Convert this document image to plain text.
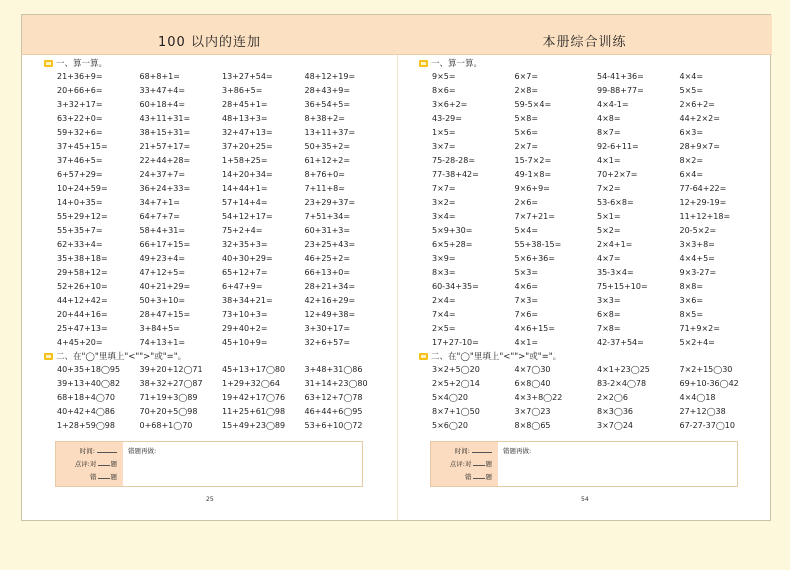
100 以内的连加
一、算一算。
21+36+9=	68+8+1=	13+27+54=	48+12+19=
20+66+6=	33+47+4=	3+86+5=	28+43+9=
3+32+17=	60+18+4=	28+45+1=	36+54+5=
63+22+0=	43+11+31=	48+13+3=	8+38+2=
59+32+6=	38+15+31=	32+47+13=	13+11+37=
37+45+15=	21+57+17=	37+20+25=	50+35+2=
37+46+5=	22+44+28=	1+58+25=	61+12+2=
6+57+29=	24+37+7=	14+20+34=	8+76+0=
10+24+59=	36+24+33=	14+44+1=	7+11+8=
14+0+35=	34+7+1=	57+14+4=	23+29+37=
55+29+12=	64+7+7=	54+12+17=	7+51+34=
55+35+7=	58+4+31=	75+2+4=	60+31+3=
62+33+4=	66+17+15=	32+35+3=	23+25+43=
35+38+18=	49+23+4=	40+30+29=	46+25+2=
29+58+12=	47+12+5=	65+12+7=	66+13+0=
52+26+10=	40+21+29=	6+47+9=	28+21+34=
44+12+42=	50+3+10=	38+34+21=	42+16+29=
20+44+16=	28+47+15=	73+10+3=	12+49+38=
25+47+13=	3+84+5=	29+40+2=	3+30+17=
4+45+20=	74+13+1=	45+10+9=	32+6+57=
二、在"◯"里填上"<"">"或"="。
40+35+18◯95	39+20+12◯71	45+13+17◯80	3+48+31◯86
39+13+40◯82	38+32+27◯87	1+29+32◯64	31+14+23◯80
68+18+4◯70	71+19+3◯89	19+42+17◯76	63+12+7◯78
40+42+4◯86	70+20+5◯98	11+25+61◯98	46+44+6◯95
1+28+59◯98	0+68+1◯70	15+49+23◯89	53+6+10◯72
时间:
点评:对 题
错 题
错题再做:
25
本册综合训练
一、算一算。
9×5=	6×7=	54-41+36=	4×4=
8×6=	2×8=	99-88+77=	5×5=
3×6+2=	59-5×4=	4×4-1=	2×6+2=
43-29=	5×8=	4×8=	44+2×2=
1×5=	5×6=	8×7=	6×3=
3×7=	2×7=	92-6+11=	28+9×7=
75-28-28=	15-7×2=	4×1=	8×2=
77-38+42=	49-1×8=	70+2×7=	6×4=
7×7=	9×6+9=	7×2=	77-64+22=
3×2=	2×6=	53-6×8=	12+29-19=
3×4=	7×7+21=	5×1=	11+12+18=
5×9+30=	5×4=	5×2=	20-5×2=
6×5+28=	55+38-15=	2×4+1=	3×3+8=
3×9=	5×6+36=	4×7=	4×4+5=
8×3=	5×3=	35-3×4=	9×3-27=
60-34+35=	4×6=	75+15+10=	8×8=
2×4=	7×3=	3×3=	3×6=
7×4=	7×6=	6×8=	8×5=
2×5=	4×6+15=	7×8=	71+9×2=
17+27-10=	4×1=	42-37+54=	5×2+4=
二、在"◯"里填上"<"">"或"="。
3×2+5◯20	4×7◯30	4×1+23◯25	7×2+15◯30
2×5+2◯14	6×8◯40	83-2×4◯78	69+10-36◯42
5×4◯20	4×3+8◯22	2×2◯6	4×4◯18
8×7+1◯50	3×7◯23	8×3◯36	27+12◯38
5×6◯20	8×8◯65	3×7◯24	67-27-37◯10
时间:
点评:对 题
错 题
错题再做:
54
